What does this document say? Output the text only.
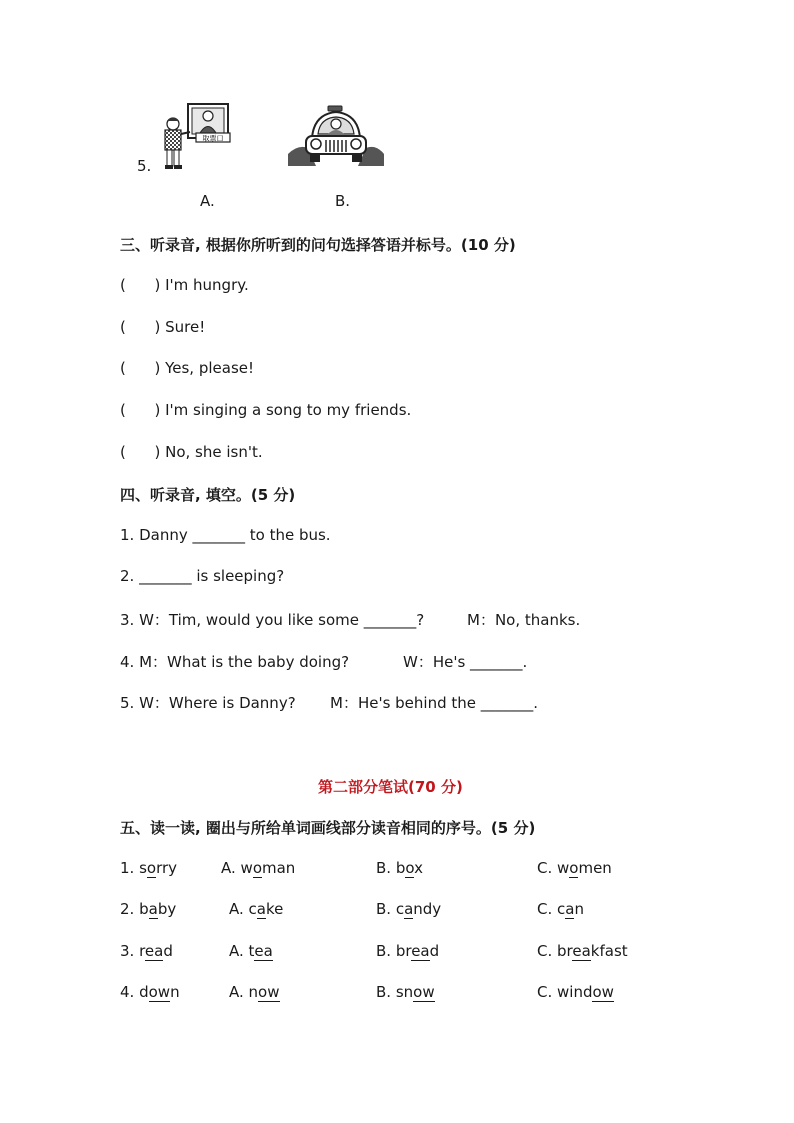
5.
取票口
A.	B.
三、听录音, 根据你所听到的问句选择答语并标号。(10 分)
(      ) I'm hungry.
(      ) Sure!
(      ) Yes, please!
(      ) I'm singing a song to my friends.
(      ) No, she isn't.
四、听录音, 填空。(5 分)
1. Danny _______ to the bus.
2. _______ is sleeping?
3. W：Tim, would you like some _______?	M：No, thanks.
4. M：What is the baby doing?	W：He's _______.
5. W：Where is Danny? M：He's behind the _______.
第二部分笔试(70 分)
五、读一读, 圈出与所给单词画线部分读音相同的序号。(5 分)
1. sorry	A. woman	B. box	C. women
2. baby	A. cake	B. candy	C. can
3. read	A. tea	B. bread	C. breakfast
4. down	A. now	B. snow	C. window
